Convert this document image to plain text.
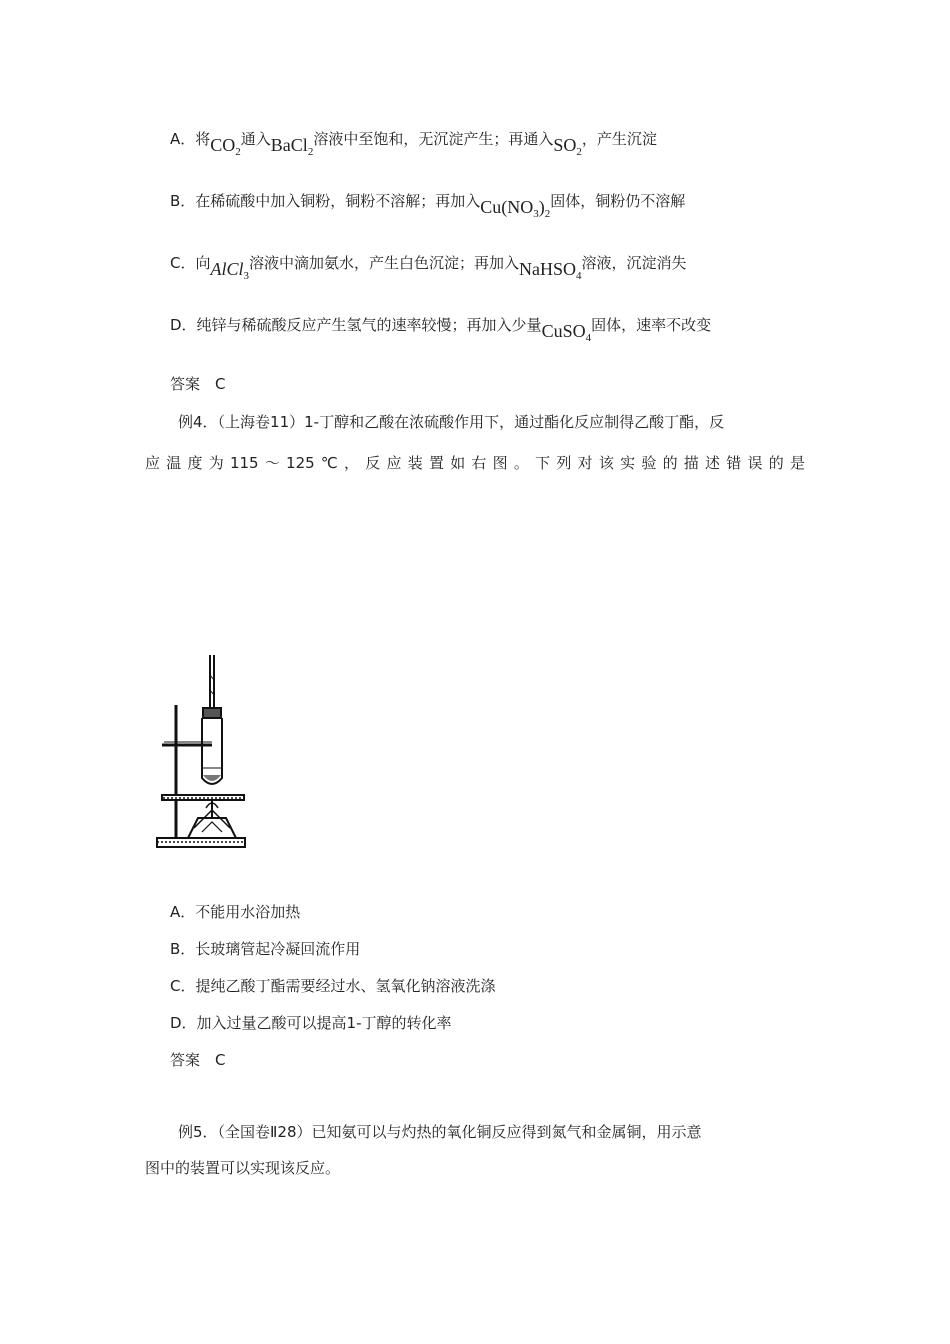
A．将$CO_2$通入BaCl$_2$溶液中至饱和，无沉淀产生；再通入$SO_2$，产生沉淀
B．在稀硫酸中加入铜粉，铜粉不溶解；再加入$Cu(NO_3)_2$固体，铜粉仍不溶解
C．向AlCl$_3$溶液中滴加氨水，产生白色沉淀；再加入NaHSO$_4$溶液，沉淀消失
D．纯锌与稀硫酸反应产生氢气的速率较慢；再加入少量CuSO$_4$固体，速率不改变
答案　C
例4．（上海卷11）1-丁醇和乙酸在浓硫酸作用下，通过酯化反应制得乙酸丁酯，反
应温度为115～125℃，反应装置如右图。下列对该实验的描述错误的是
A．不能用水浴加热
B．长玻璃管起冷凝回流作用
C．提纯乙酸丁酯需要经过水、氢氧化钠溶液洗涤
D．加入过量乙酸可以提高1-丁醇的转化率
答案　C
例5．（全国卷Ⅱ28）已知氨可以与灼热的氧化铜反应得到氮气和金属铜，用示意
图中的装置可以实现该反应。
